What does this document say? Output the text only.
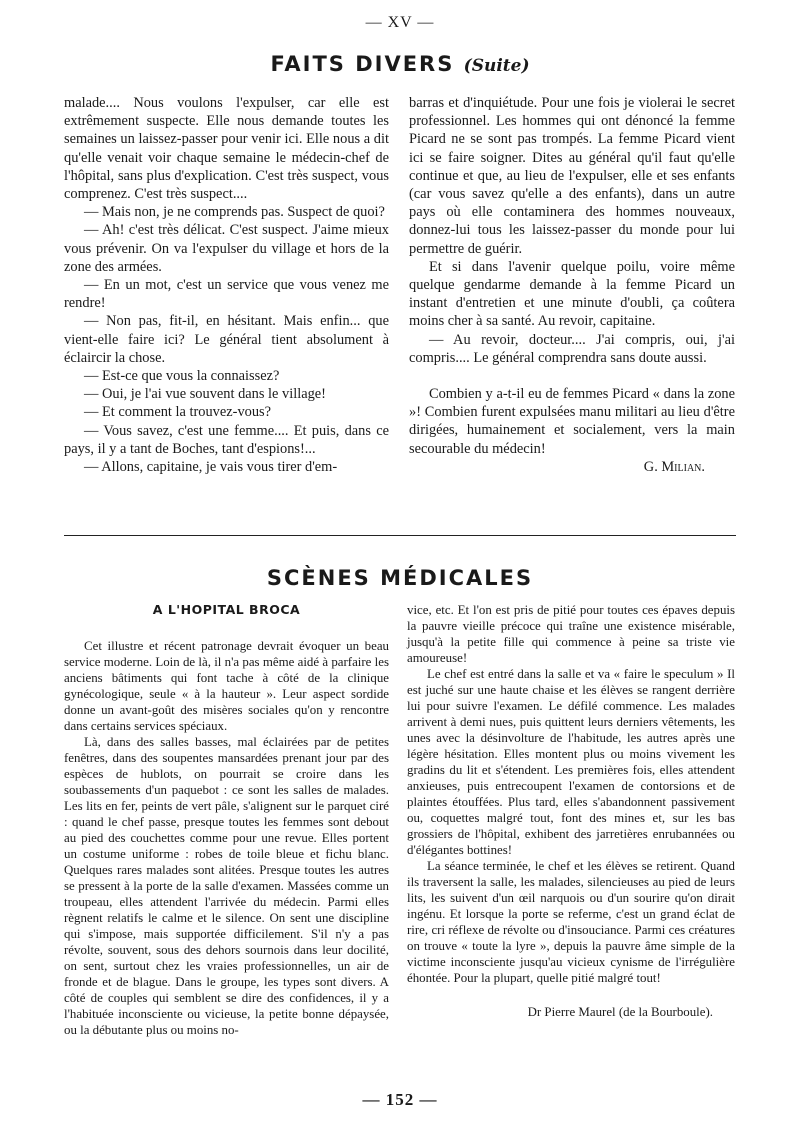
— XV —
FAITS DIVERS (Suite)

malade.... Nous voulons l'expulser, car elle est extrêmement suspecte. Elle nous demande toutes les semaines un laissez-passer pour venir ici. Elle nous a dit qu'elle venait voir chaque semaine le médecin-chef de l'hôpital, sans plus d'explication. C'est très suspect, vous comprenez. C'est très suspect....

— Mais non, je ne comprends pas. Suspect de quoi?

— Ah! c'est très délicat. C'est suspect. J'aime mieux vous prévenir. On va l'expulser du village et hors de la zone des armées.

— En un mot, c'est un service que vous venez me rendre!

— Non pas, fit-il, en hésitant. Mais enfin... que vient-elle faire ici? Le général tient absolument à éclaircir la chose.

— Est-ce que vous la connaissez?

— Oui, je l'ai vue souvent dans le village!

— Et comment la trouvez-vous?

— Vous savez, c'est une femme.... Et puis, dans ce pays, il y a tant de Boches, tant d'espions!...

— Allons, capitaine, je vais vous tirer d'em-

barras et d'inquiétude. Pour une fois je violerai le secret professionnel. Les hommes qui ont dénoncé la femme Picard ne se sont pas trompés. La femme Picard vient ici se faire soigner. Dites au général qu'il faut qu'elle continue et que, au lieu de l'expulser, elle et ses enfants (car vous savez qu'elle a des enfants), dans un autre pays où elle contaminera des hommes nouveaux, donnez-lui tous les laissez-passer du monde pour lui permettre de guérir.

Et si dans l'avenir quelque poilu, voire même quelque gendarme demande à la femme Picard un instant d'entretien et une minute d'oubli, ça coûtera moins cher à sa santé. Au revoir, capitaine.

— Au revoir, docteur.... J'ai compris, oui, j'ai compris.... Le général comprendra sans doute aussi.

Combien y a-t-il eu de femmes Picard « dans la zone »! Combien furent expulsées manu militari au lieu d'être dirigées, humainement et socialement, vers la main secourable du médecin!

G. Milian.

SCÈNES MÉDICALES

A L'HOPITAL BROCA

Cet illustre et récent patronage devrait évoquer un beau service moderne. Loin de là, il n'a pas même aidé à parfaire les anciens bâtiments qui font tache à côté de la clinique gynécologique, seule « à la hauteur ». Leur aspect sordide donne un avant-goût des misères sociales qu'on y rencontre dans certains services spéciaux.

Là, dans des salles basses, mal éclairées par de petites fenêtres, dans des soupentes mansardées prenant jour par des espèces de hublots, on pourrait se croire dans les soubassements d'un paquebot : ce sont les salles de malades. Les lits en fer, peints de vert pâle, s'alignent sur le parquet ciré : quand le chef passe, presque toutes les femmes sont debout au pied des couchettes comme pour une revue. Elles portent un costume uniforme : robes de toile bleue et fichu blanc. Quelques rares malades sont alitées. Presque toutes les autres se pressent à la porte de la salle d'examen. Massées comme un troupeau, elles attendent l'arrivée du médecin. Parmi elles règnent relatifs le calme et le silence. On sent une discipline qui s'impose, mais supportée difficilement. S'il n'y a pas révolte, souvent, sous des dehors sournois dans leur docilité, on sent, surtout chez les vraies professionnelles, un air de fronde et de blague. Dans le groupe, les types sont divers. A côté de couples qui semblent se dire des confidences, il y a l'habituée inconsciente ou vicieuse, la petite bonne dépaysée, ou la débutante plus ou moins no-

vice, etc. Et l'on est pris de pitié pour toutes ces épaves depuis la pauvre vieille précoce qui traîne une existence misérable, jusqu'à la petite fille qui commence à peine sa triste vie amoureuse!

Le chef est entré dans la salle et va « faire le speculum » Il est juché sur une haute chaise et les élèves se rangent derrière lui pour suivre l'examen. Le défilé commence. Les malades arrivent à demi nues, puis quittent leurs derniers vêtements, les unes avec la désinvolture de l'habitude, les autres après une légère hésitation. Elles montent plus ou moins vivement les gradins du lit et s'étendent. Les premières fois, elles attendent anxieuses, puis entrecoupent l'examen de contorsions et de plaintes étouffées. Plus tard, elles s'abandonnent passivement ou, coquettes malgré tout, font des mines et, sur les bas grossiers de l'hôpital, exhibent des jarretières enrubannées ou d'élégantes bottines!

La séance terminée, le chef et les élèves se retirent. Quand ils traversent la salle, les malades, silencieuses au pied de leurs lits, les suivent d'un œil narquois ou d'un sourire qu'on dirait ingénu. Et lorsque la porte se referme, c'est un grand éclat de rire, cri réflexe de révolte ou d'insouciance. Parmi ces créatures on trouve « toute la lyre », depuis la pauvre âme simple de la victime inconsciente jusqu'au vicieux cynisme de l'irrégulière éhontée. Pour la plupart, quelle pitié malgré tout!

Dr Pierre Maurel (de la Bourboule).

— 152 —
